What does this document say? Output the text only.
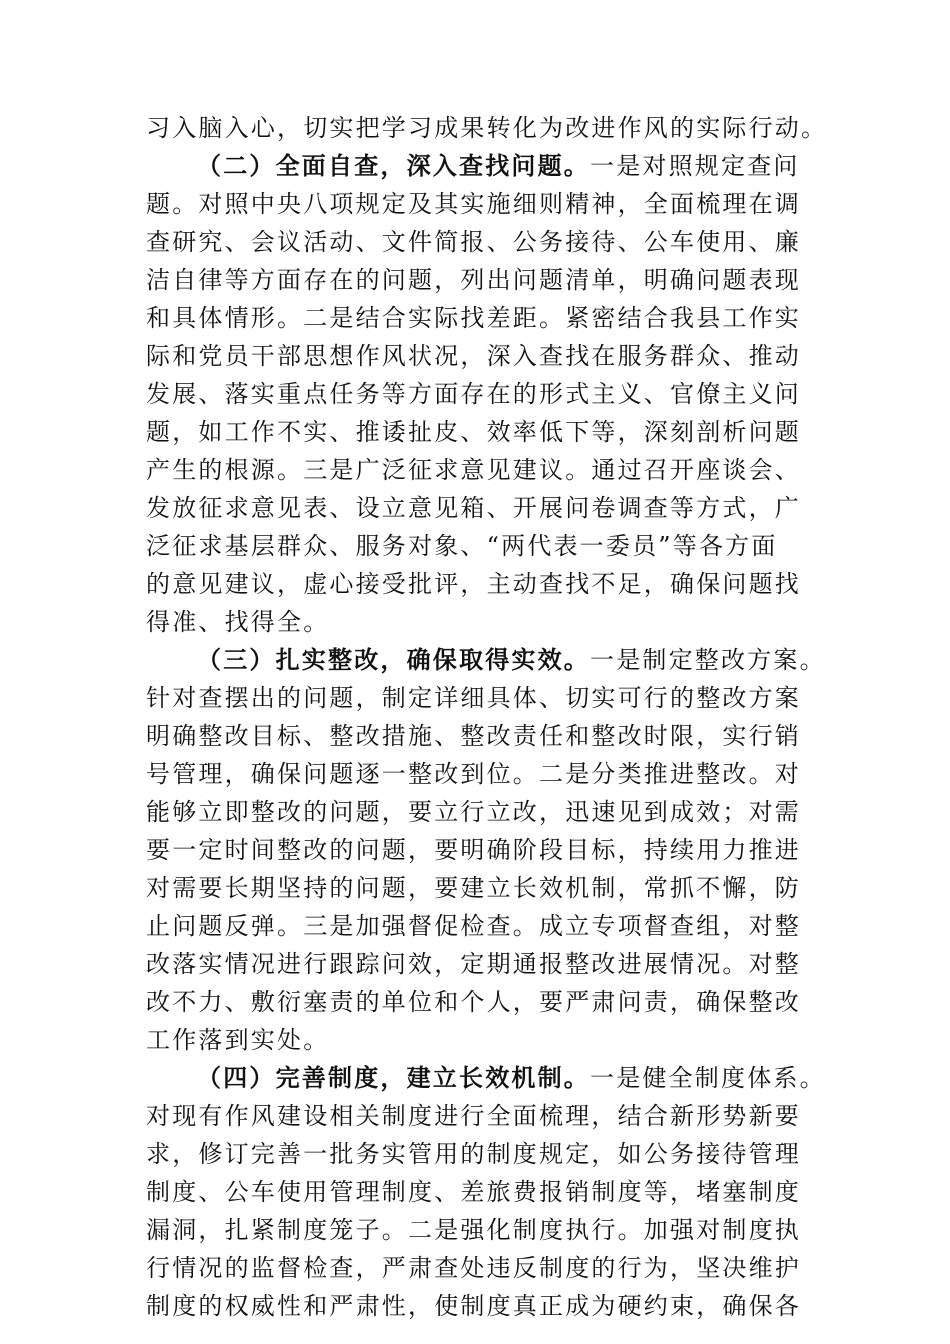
习入脑入心，切实把学习成果转化为改进作风的实际行动。
（二）全面自查，深入查找问题。一是对照规定查问
题。对照中央八项规定及其实施细则精神，全面梳理在调
查研究、会议活动、文件简报、公务接待、公车使用、廉
洁自律等方面存在的问题，列出问题清单，明确问题表现
和具体情形。二是结合实际找差距。紧密结合我县工作实
际和党员干部思想作风状况，深入查找在服务群众、推动
发展、落实重点任务等方面存在的形式主义、官僚主义问
题，如工作不实、推诿扯皮、效率低下等，深刻剖析问题
产生的根源。三是广泛征求意见建议。通过召开座谈会、
发放征求意见表、设立意见箱、开展问卷调查等方式，广
泛征求基层群众、服务对象、“两代表一委员”等各方面
的意见建议，虚心接受批评，主动查找不足，确保问题找
得准、找得全。
（三）扎实整改，确保取得实效。一是制定整改方案。
针对查摆出的问题，制定详细具体、切实可行的整改方案
明确整改目标、整改措施、整改责任和整改时限，实行销
号管理，确保问题逐一整改到位。二是分类推进整改。对
能够立即整改的问题，要立行立改，迅速见到成效；对需
要一定时间整改的问题，要明确阶段目标，持续用力推进
对需要长期坚持的问题，要建立长效机制，常抓不懈，防
止问题反弹。三是加强督促检查。成立专项督查组，对整
改落实情况进行跟踪问效，定期通报整改进展情况。对整
改不力、敷衍塞责的单位和个人，要严肃问责，确保整改
工作落到实处。
（四）完善制度，建立长效机制。一是健全制度体系。
对现有作风建设相关制度进行全面梳理，结合新形势新要
求，修订完善一批务实管用的制度规定，如公务接待管理
制度、公车使用管理制度、差旅费报销制度等，堵塞制度
漏洞，扎紧制度笼子。二是强化制度执行。加强对制度执
行情况的监督检查，严肃查处违反制度的行为，坚决维护
制度的权威性和严肃性，使制度真正成为硬约束，确保各
